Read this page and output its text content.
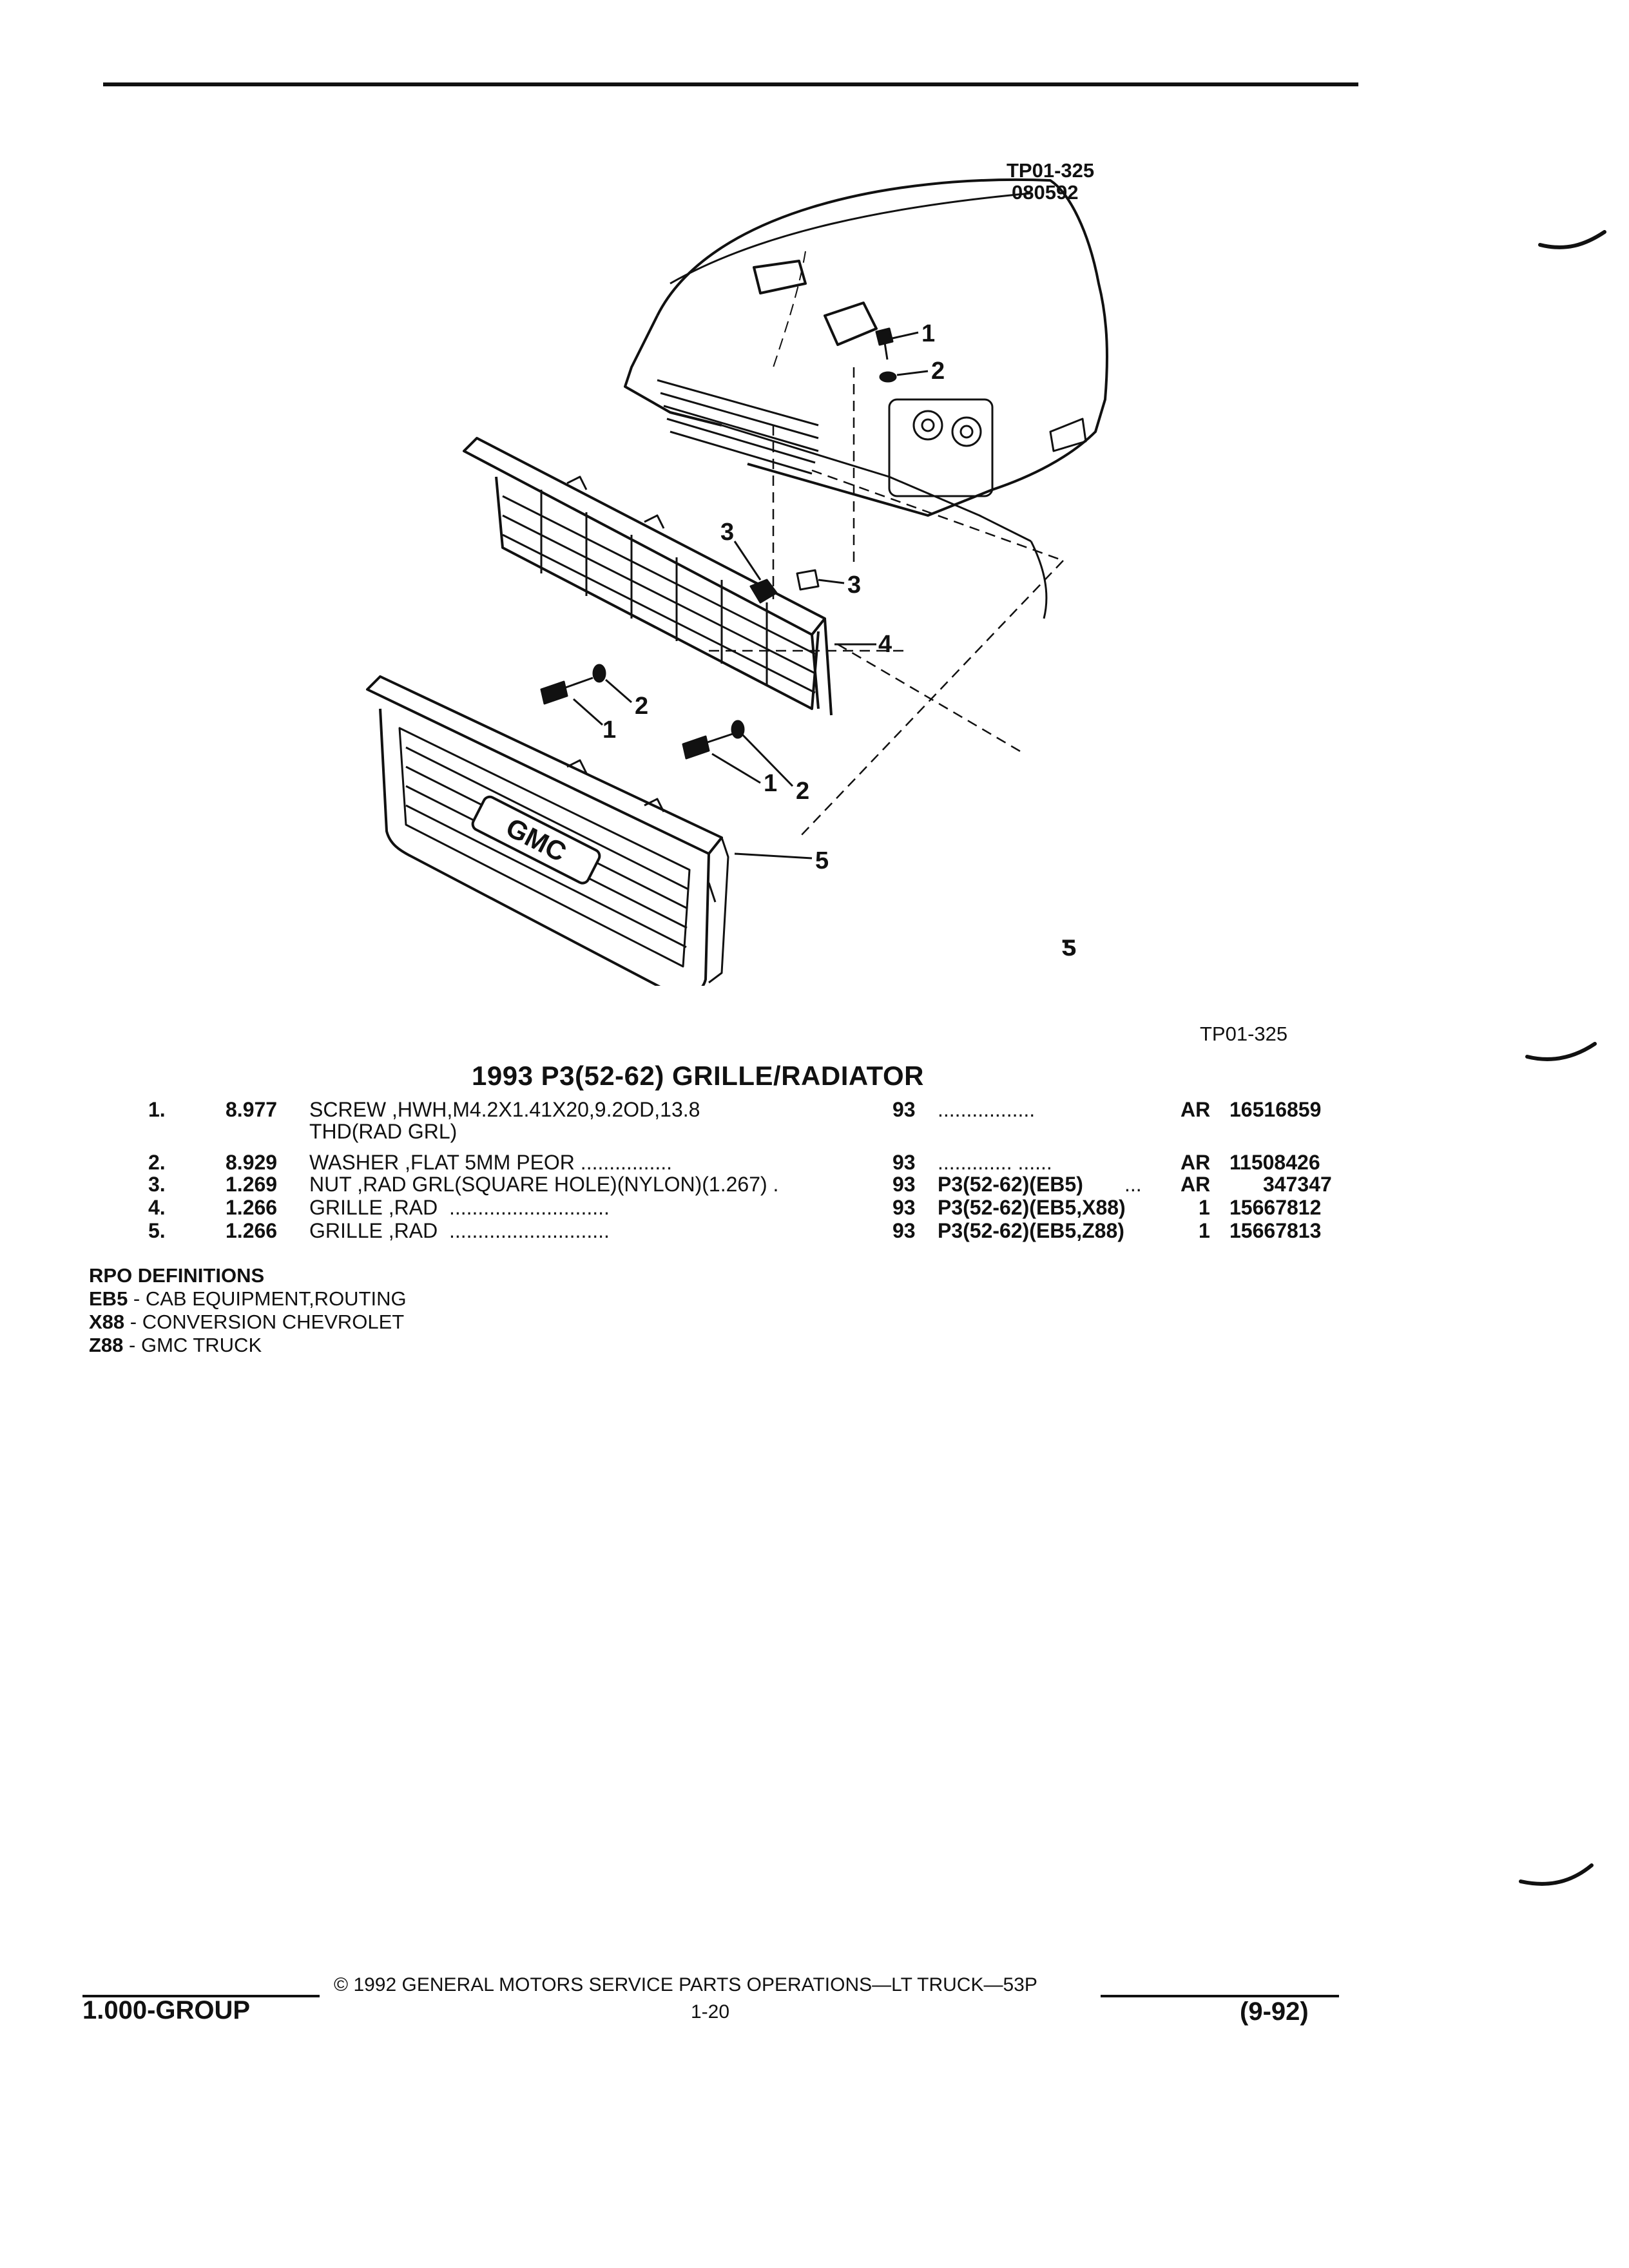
TP01-325
080592
GMC
1
2
3
3
4
2
1
2
1
5
ƽ
TP01-325
1993 P3(52-62) GRILLE/RADIATOR
1.	8.977 SCREW ,HWH,M4.2X1.41X20,9.2OD,13.8	93 .................	AR 16516859
THD(RAD GRL)
2.	8.929 WASHER ,FLAT 5MM PEOR ................	93 ............. ......	AR 11508426
3.	1.269 NUT ,RAD GRL(SQUARE HOLE)(NYLON)(1.267) .	93 P3(52-62)(EB5) ... AR	347347
4.	1.266 GRILLE ,RAD  ............................	93 P3(52-62)(EB5,X88)	1 15667812
5.	1.266 GRILLE ,RAD  ............................	93 P3(52-62)(EB5,Z88)	1 15667813
RPO DEFINITIONS
EB5 - CAB EQUIPMENT,ROUTING
X88 - CONVERSION CHEVROLET
Z88 - GMC TRUCK
© 1992 GENERAL MOTORS SERVICE PARTS OPERATIONS—LT TRUCK—53P
1.000-GROUP	1-20	(9-92)
